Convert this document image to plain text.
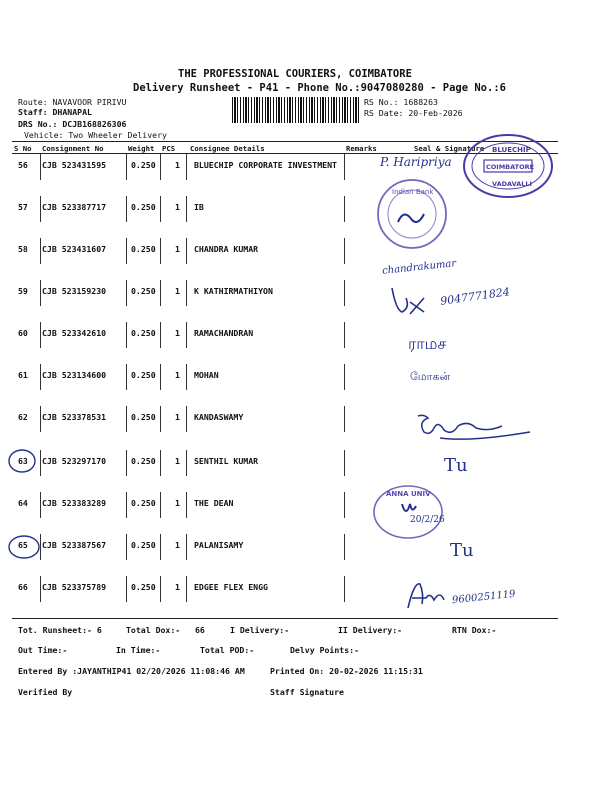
THE PROFESSIONAL COURIERS, COIMBATORE
Delivery Runsheet - P41 - Phone No.:9047080280 - Page No.:6
Route: NAVAVOOR PIRIVU
Staff: DHANAPAL
DRS No.: DCJB168826306
Vehicle: Two Wheeler Delivery
RS No.: 1688263
RS Date: 20-Feb-2026
S No Consignment No	Weight PCS Consignee Details	Remarks	Seal & Signature
56 CJB 523431595	0.250 1 BLUECHIP CORPORATE INVESTMENT
57 CJB 523387717	0.250 1 IB
58 CJB 523431607	0.250 1 CHANDRA KUMAR
59 CJB 523159230	0.250 1 K KATHIRMATHIYON
60 CJB 523342610	0.250 1 RAMACHANDRAN
61 CJB 523134600	0.250 1 MOHAN
62 CJB 523378531	0.250 1 KANDASWAMY
63 CJB 523297170	0.250 1 SENTHIL KUMAR
64 CJB 523383289	0.250 1 THE DEAN
65 CJB 523387567	0.250 1 PALANISAMY
66 CJB 523375789	0.250 1 EDGEE FLEX ENGG
Tot. Runsheet:- 6	Total Dox:- 66	I Delivery:-	II Delivery:-	RTN Dox:-
Out Time:-	In Time:-	Total POD:-	Delvy Points:-
Entered By :JAYANTHIP41 02/20/2026 11:08:46 AM	Printed On: 20-02-2026 11:15:31
Verified By	Staff Signature
BLUECHIP
COIMBATORE
VADAVALLI
Indian Bank
ANNA UNIV
20/2/26
P. Haripriya
chandrakumar
9047771824
ராமச
மோகன்
Tu
Tu
9600251119
